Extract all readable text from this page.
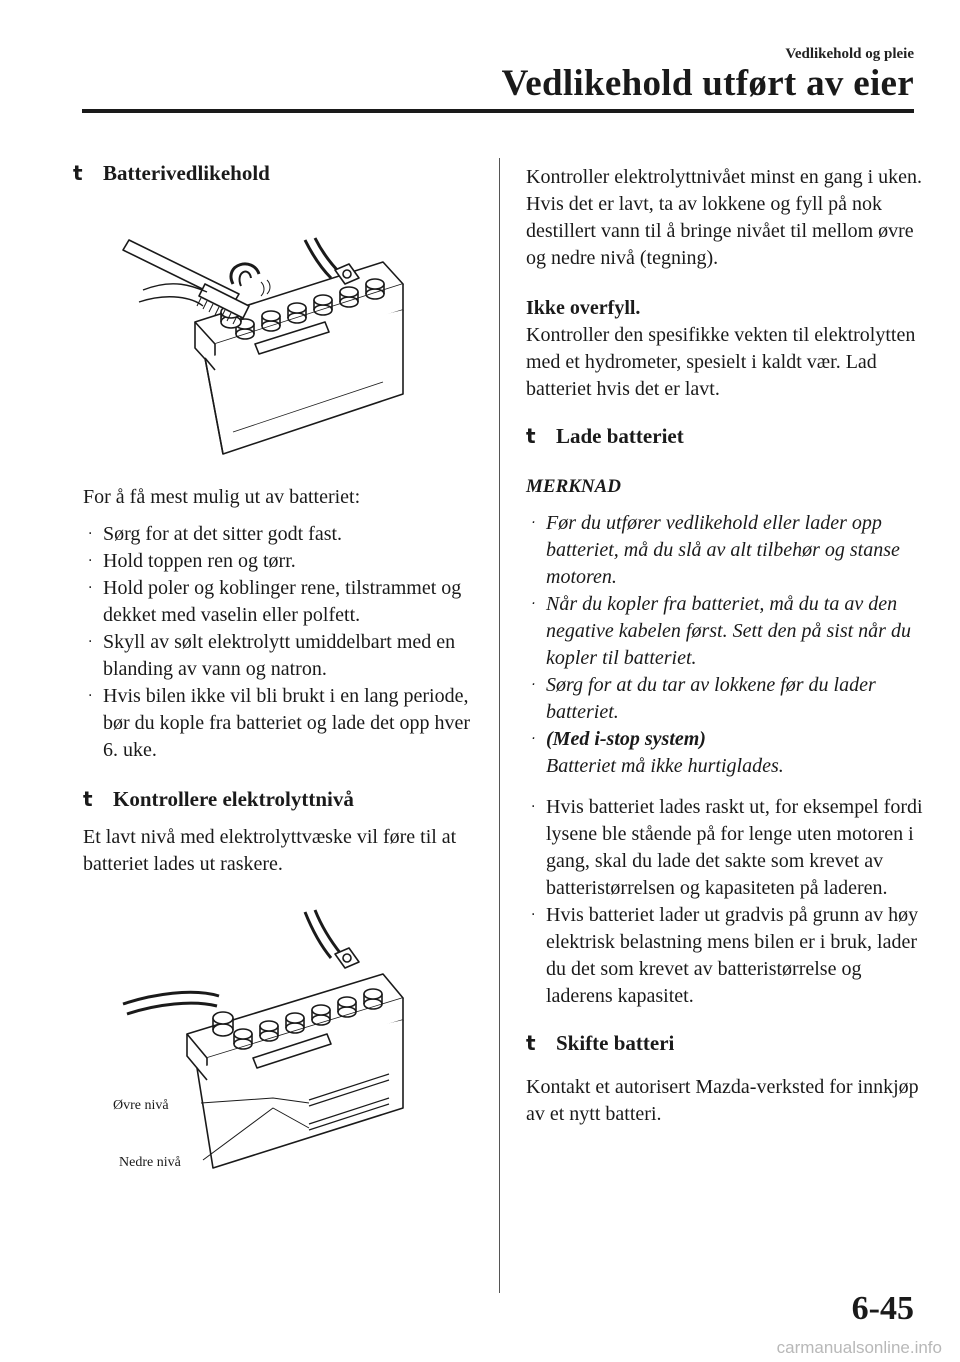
Vedlikehold og pleie
Vedlikehold utført av eier
t Batterivedlikehold

For å få mest mulig ut av batteriet:

· Sørg for at det sitter godt fast.
· Hold toppen ren og tørr.
· Hold poler og koblinger rene, tilstrammet og dekket med vaselin eller polfett.
· Skyll av sølt elektrolytt umiddelbart med en blanding av vann og natron.
· Hvis bilen ikke vil bli brukt i en lang periode, bør du kople fra batteriet og lade det opp hver 6. uke.
t Kontrollere elektrolyttnivå

Et lavt nivå med elektrolyttvæske vil føre til at batteriet lades ut raskere.

Øvre nivå
Nedre nivå

Kontroller elektrolyttnivået minst en gang i uken. Hvis det er lavt, ta av lokkene og fyll på nok destillert vann til å bringe nivået til mellom øvre og nedre nivå (tegning).

Ikke overfyll.

Kontroller den spesifikke vekten til elektrolytten med et hydrometer, spesielt i kaldt vær. Lad batteriet hvis det er lavt.

t Lade batteriet

MERKNAD

· Før du utfører vedlikehold eller lader opp batteriet, må du slå av alt tilbehør og stanse motoren.
· Når du kopler fra batteriet, må du ta av den negative kabelen først. Sett den på sist når du kopler til batteriet.
· Sørg for at du tar av lokkene før du lader batteriet.
· (Med i-stop system)
Batteriet må ikke hurtiglades.
· Hvis batteriet lades raskt ut, for eksempel fordi lysene ble stående på for lenge uten motoren i gang, skal du lade det sakte som krevet av batteristørrelsen og kapasiteten på laderen.
· Hvis batteriet lader ut gradvis på grunn av høy elektrisk belastning mens bilen er i bruk, lader du det som krevet av batteristørrelse og laderens kapasitet.
t Skifte batteri

Kontakt et autorisert Mazda-verksted for innkjøp av et nytt batteri.

6-45
carmanualsonline.info
